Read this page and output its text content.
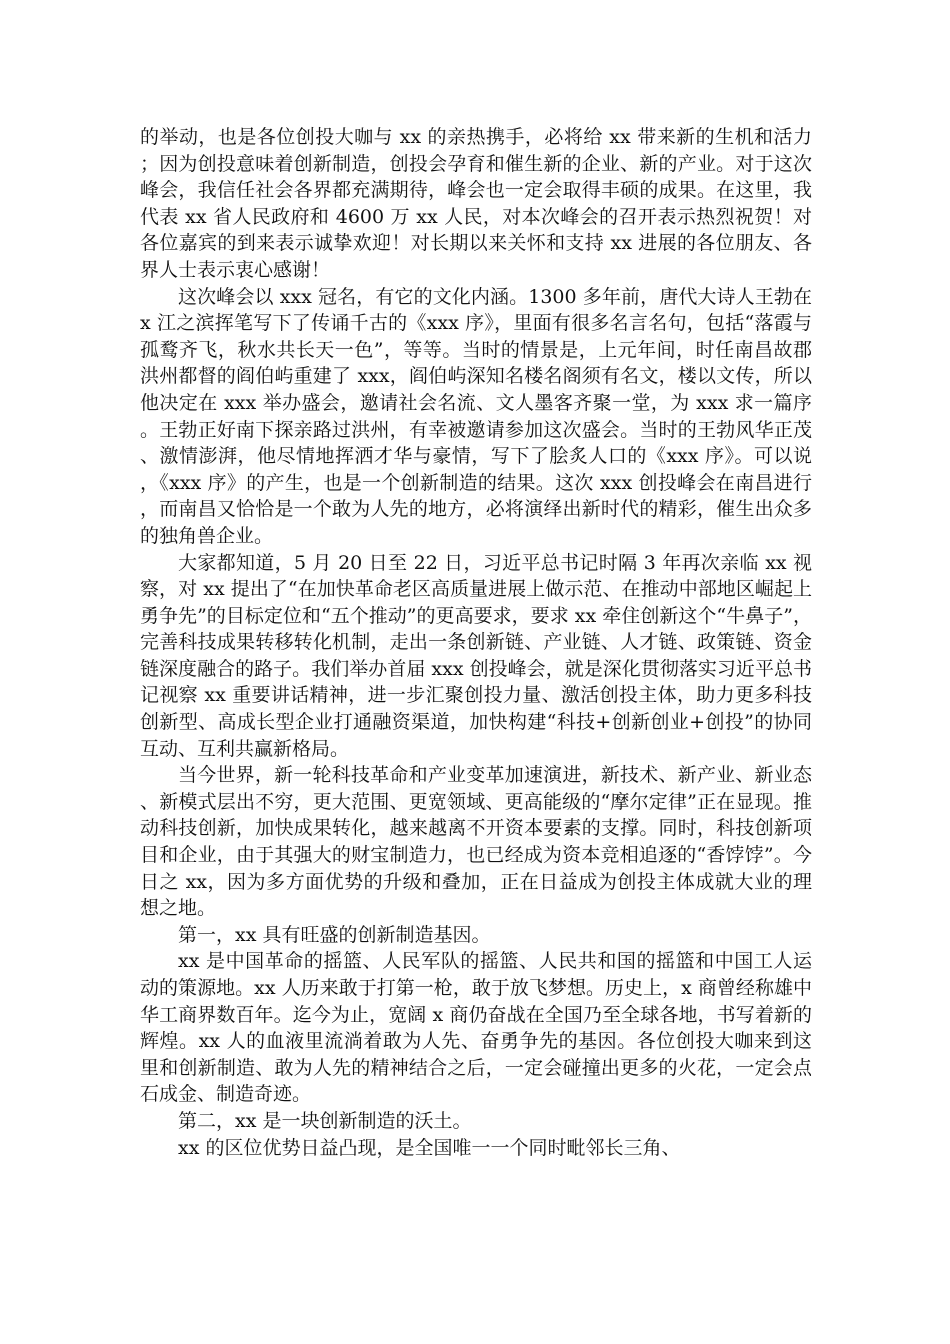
的举动，也是各位创投大咖与 xx 的亲热携手，必将给 xx 带来新的生机和活力；因为创投意味着创新制造，创投会孕育和催生新的企业、新的产业。对于这次峰会，我信任社会各界都充满期待，峰会也一定会取得丰硕的成果。在这里，我代表 xx 省人民政府和 4600 万 xx 人民，对本次峰会的召开表示热烈祝贺！对各位嘉宾的到来表示诚挚欢迎！对长期以来关怀和支持 xx 进展的各位朋友、各界人士表示衷心感谢！

这次峰会以 xxx 冠名，有它的文化内涵。1300 多年前，唐代大诗人王勃在 x 江之滨挥笔写下了传诵千古的《xxx 序》，里面有很多名言名句，包括“落霞与孤鹜齐飞，秋水共长天一色”，等等。当时的情景是，上元年间，时任南昌故郡洪州都督的阎伯屿重建了 xxx，阎伯屿深知名楼名阁须有名文，楼以文传，所以他决定在 xxx 举办盛会，邀请社会名流、文人墨客齐聚一堂，为 xxx 求一篇序。王勃正好南下探亲路过洪州，有幸被邀请参加这次盛会。当时的王勃风华正茂、激情澎湃，他尽情地挥洒才华与豪情，写下了脍炙人口的《xxx 序》。可以说，《xxx 序》的产生，也是一个创新制造的结果。这次 xxx 创投峰会在南昌进行，而南昌又恰恰是一个敢为人先的地方，必将演绎出新时代的精彩，催生出众多的独角兽企业。

大家都知道，5 月 20 日至 22 日，习近平总书记时隔 3 年再次亲临 xx 视察，对 xx 提出了“在加快革命老区高质量进展上做示范、在推动中部地区崛起上勇争先”的目标定位和“五个推动”的更高要求，要求 xx 牵住创新这个“牛鼻子”，完善科技成果转移转化机制，走出一条创新链、产业链、人才链、政策链、资金链深度融合的路子。我们举办首届 xxx 创投峰会，就是深化贯彻落实习近平总书记视察 xx 重要讲话精神，进一步汇聚创投力量、激活创投主体，助力更多科技创新型、高成长型企业打通融资渠道，加快构建“科技+创新创业+创投”的协同互动、互利共赢新格局。

当今世界，新一轮科技革命和产业变革加速演进，新技术、新产业、新业态、新模式层出不穷，更大范围、更宽领域、更高能级的“摩尔定律”正在显现。推动科技创新，加快成果转化，越来越离不开资本要素的支撑。同时，科技创新项目和企业，由于其强大的财宝制造力，也已经成为资本竞相追逐的“香饽饽”。今日之 xx，因为多方面优势的升级和叠加，正在日益成为创投主体成就大业的理想之地。

第一，xx 具有旺盛的创新制造基因。

xx 是中国革命的摇篮、人民军队的摇篮、人民共和国的摇篮和中国工人运动的策源地。xx 人历来敢于打第一枪，敢于放飞梦想。历史上，x 商曾经称雄中华工商界数百年。迄今为止，宽阔 x 商仍奋战在全国乃至全球各地，书写着新的辉煌。xx 人的血液里流淌着敢为人先、奋勇争先的基因。各位创投大咖来到这里和创新制造、敢为人先的精神结合之后，一定会碰撞出更多的火花，一定会点石成金、制造奇迹。

第二，xx 是一块创新制造的沃土。

xx 的区位优势日益凸现，是全国唯一一个同时毗邻长三角、
